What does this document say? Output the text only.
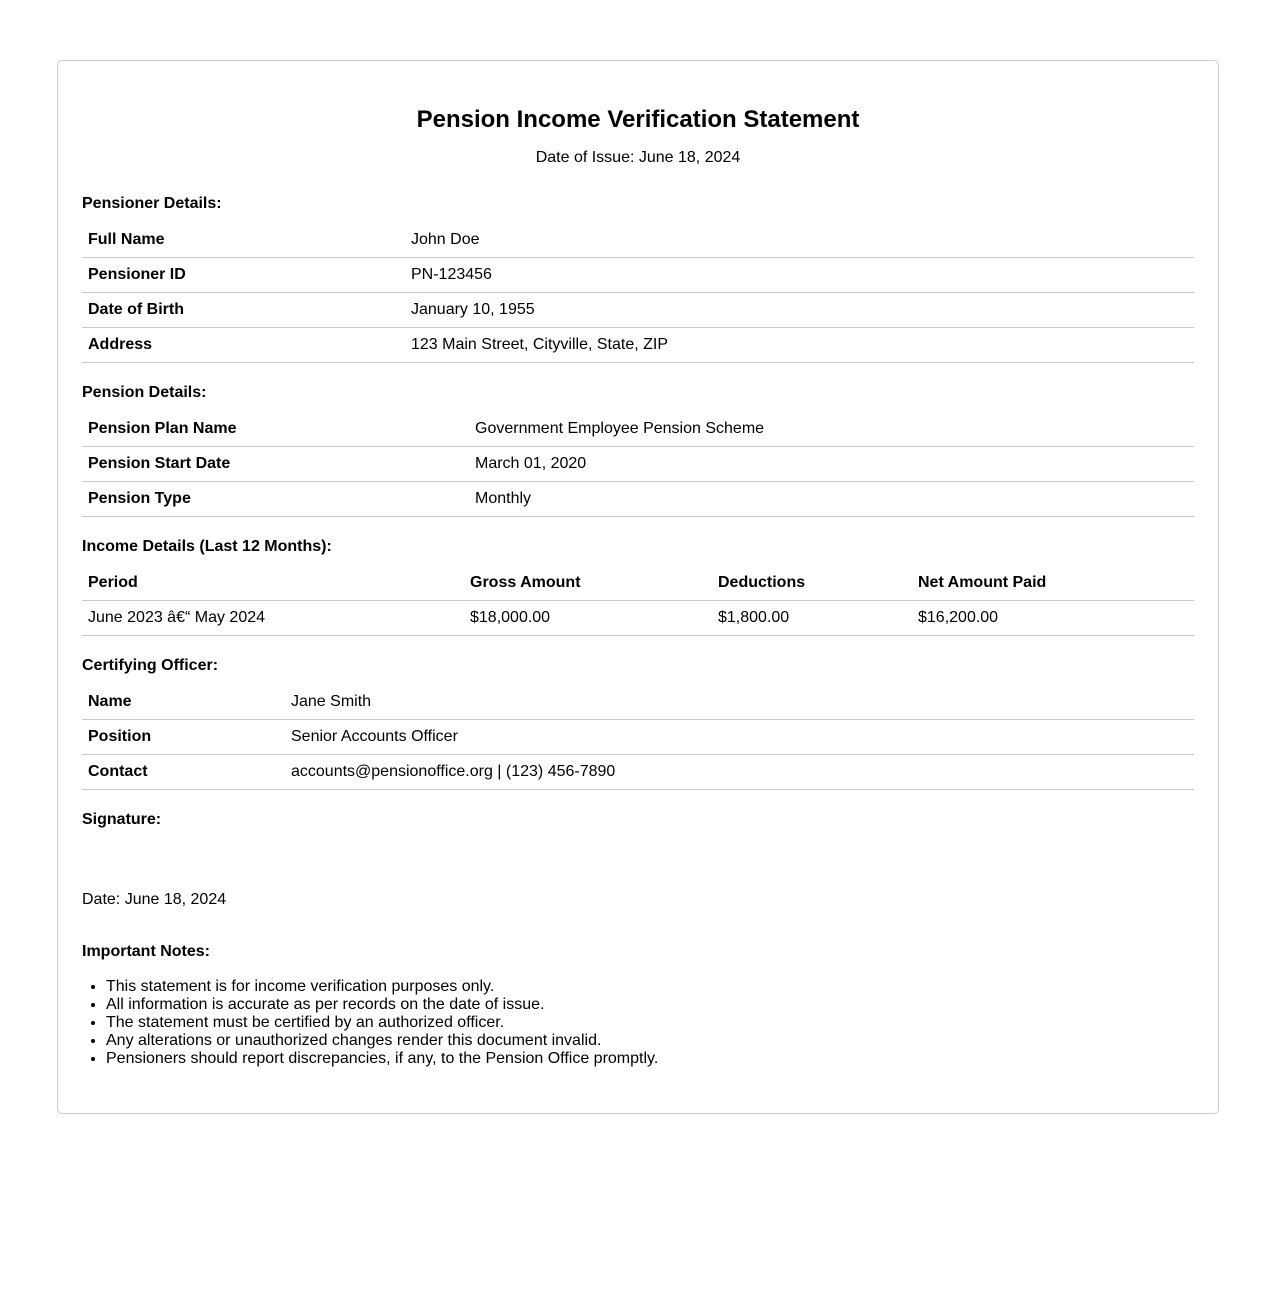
Pension Income Verification Statement
Date of Issue: June 18, 2024
Pensioner Details:
Full Name	John Doe
Pensioner ID	PN-123456
Date of Birth	January 10, 1955
Address	123 Main Street, Cityville, State, ZIP
Pension Details:
Pension Plan Name	Government Employee Pension Scheme
Pension Start Date	March 01, 2020
Pension Type	Monthly
Income Details (Last 12 Months):
Period	Gross Amount	Deductions	Net Amount Paid
June 2023 â€“ May 2024	$18,000.00	$1,800.00	$16,200.00
Certifying Officer:
Name	Jane Smith
Position	Senior Accounts Officer
Contact	accounts@pensionoffice.org | (123) 456-7890
Signature:
Date: June 18, 2024
Important Notes:
• This statement is for income verification purposes only.
• All information is accurate as per records on the date of issue.
• The statement must be certified by an authorized officer.
• Any alterations or unauthorized changes render this document invalid.
• Pensioners should report discrepancies, if any, to the Pension Office promptly.
